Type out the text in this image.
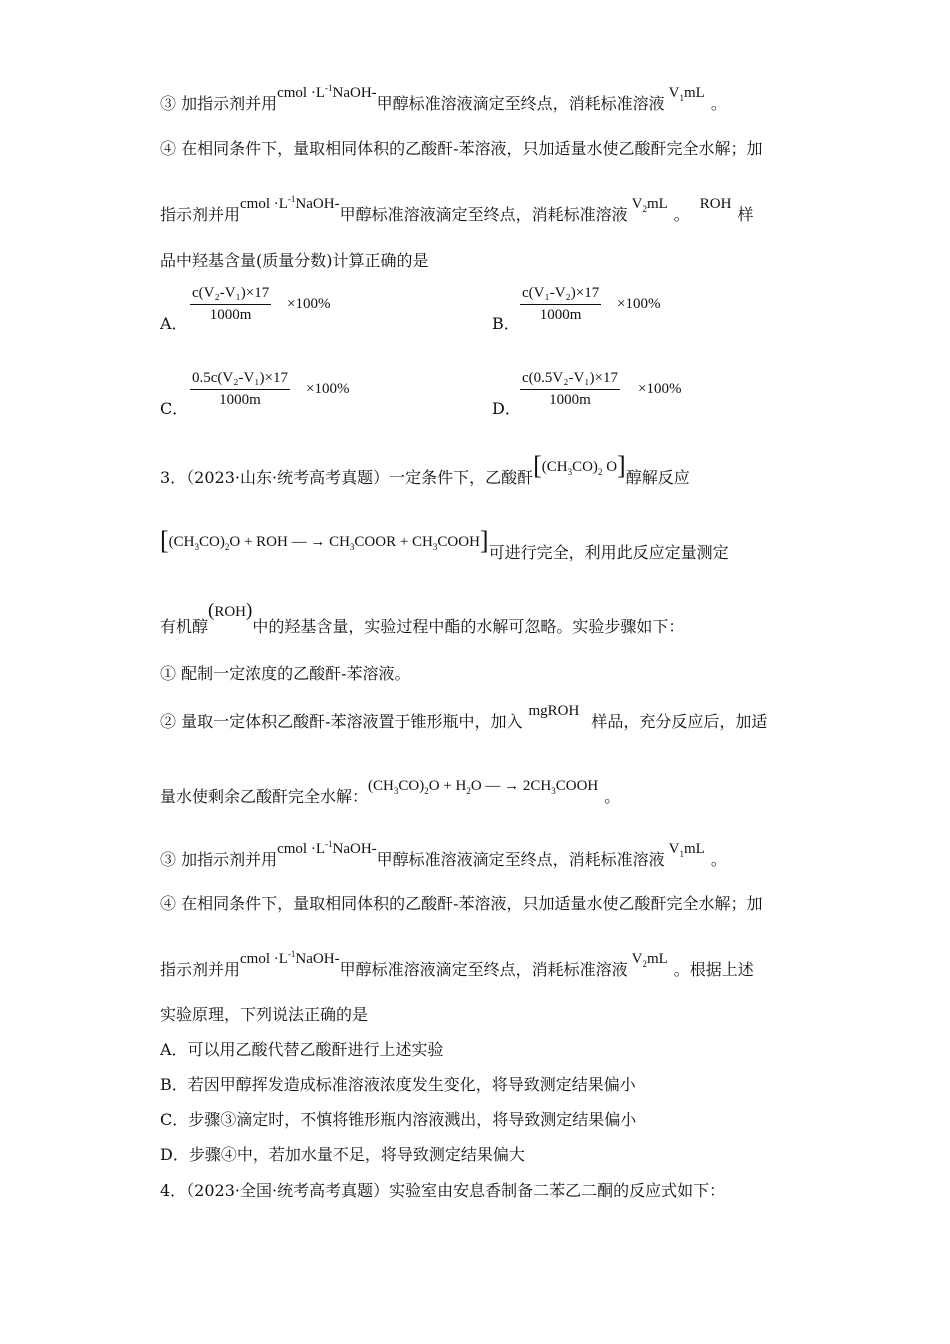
③ 加指示剂并用cmol $\cdot L^{-1}NaOH-$甲醇标准溶液滴定至终点，消耗标准溶液$V_1mL$。
④ 在相同条件下，量取相同体积的乙酸酐-苯溶液，只加适量水使乙酸酐完全水解；加
指示剂并用cmol $\cdot L^{-1}NaOH-$甲醇标准溶液滴定至终点，消耗标准溶液$V_2mL$。ROH样
品中羟基含量(质量分数)计算正确的是
A． $\frac{\text{c(V₂-V₁)×17}}{1000m} \times 100\%$
B． $\frac{\text{c(V₁-V₂)×17}}{1000m} \times 100\%$
C． $\frac{\text{0.5c(V₂-V₁)×17}}{1000m} \times 100\%$
D． $\frac{\text{c(0.5V₂-V₁)×17}}{1000m} \times 100\%$
3．（2023·山东·统考高考真题）一定条件下，乙酸酐[$(CH_3CO)_2$ O]醇解反应
[$(CH_3CO)_2O$ + ROH — → $CH_3COOR$ + $CH_3COOH$]可进行完全，利用此反应定量测定
有机醇(ROH)中的羟基含量，实验过程中酯的水解可忽略。实验步骤如下：
① 配制一定浓度的乙酸酐-苯溶液。
② 量取一定体积乙酸酐-苯溶液置于锥形瓶中，加入mgROH样品，充分反应后，加适
量水使剩余乙酸酐完全水解：$(CH_3CO)_2O + H_2O$ — → $2CH_3COOH$。
③ 加指示剂并用cmol $\cdot L^{-1}NaOH-$甲醇标准溶液滴定至终点，消耗标准溶液$V_1mL$。
④ 在相同条件下，量取相同体积的乙酸酐-苯溶液，只加适量水使乙酸酐完全水解；加
指示剂并用cmol $\cdot L^{-1}NaOH-$甲醇标准溶液滴定至终点，消耗标准溶液$V_2mL$。根据上述
实验原理，下列说法正确的是
A．可以用乙酸代替乙酸酐进行上述实验
B．若因甲醇挥发造成标准溶液浓度发生变化，将导致测定结果偏小
C．步骤③滴定时，不慎将锥形瓶内溶液溅出，将导致测定结果偏小
D．步骤④中，若加水量不足，将导致测定结果偏大
4．（2023·全国·统考高考真题）实验室由安息香制备二苯乙二酮的反应式如下：
